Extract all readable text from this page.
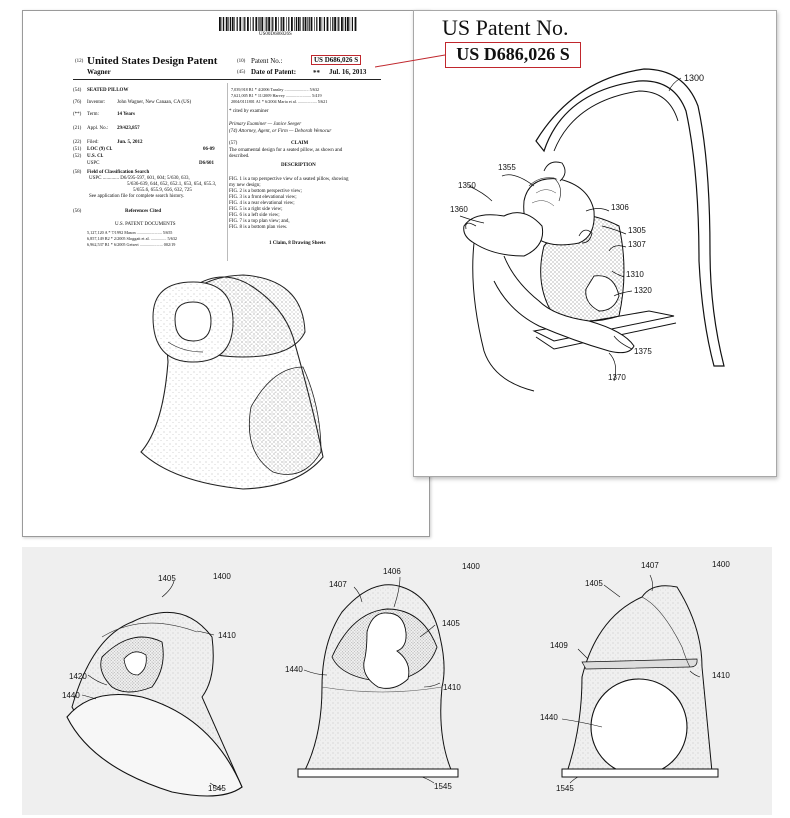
US00D686026S
(12) United States Design Patent
Wagner
(10) Patent No.:	US D686,026 S
(45) Date of Patent: ** Jul. 16, 2013
(54) SEATED PILLOW
(76) Inventor: John Wagner, New Canaan, CA (US)
(**) Term:	14 Years
(21) Appl. No.: 29/423,857
(22) Filed:	Jun. 5, 2012
(51) LOC (9) Cl.	06-09
(52) U.S. Cl.
USPC	D6/601
(58) Field of Classification Search
USPC ............. D6/595-597, 601, 604; 5/630, 633,
5/636-639, 644, 652, 652.1, 653, 654, 655.3,
5/655.6, 655.9, 656, 632, 725
See application file for complete search history.
(56)	References Cited
U.S. PATENT DOCUMENTS
5,127,120 A * 7/1992 Mason ........................ 5/655
6,857,149 B2 * 2/2005 Sloggatt et al. ............... 5/632
6,962,537 B1 * 6/2005 Geisert ...................... 002/19
7,039,918 B1 * 4/2006 Tansley ....................... 5/632
7,621,005 B1 * 11/2009 Harvey ........................ 5/419
2004/0111801 A1 * 6/2004 Maria et al. .................. 5/621
* cited by examiner
Primary Examiner — Janice Seeger
(74) Attorney, Agent, or Firm — Deborah Wenocur
(57)	CLAIM
The ornamental design for a seated pillow, as shown and
described.
DESCRIPTION
FIG. 1 is a top perspective view of a seated pillow, showing
my new design;
FIG. 2 is a bottom perspective view;
FIG. 3 is a front elevational view;
FIG. 4 is a rear elevational view;
FIG. 5 is a right side view;
FIG. 6 is a left side view;
FIG. 7 is a top plan view; and,
FIG. 8 is a bottom plan view.
1 Claim, 8 Drawing Sheets
1300
1355
1350
1360	1306
1305
1307
1310
1320
1375
1370
US Patent No.
US D686,026 S
1400
1405
1410
1420
1440
1545
1400
1407
1406
1405
1440
1410
1545
1400
1405
1407
1409
1410
1440
1545
